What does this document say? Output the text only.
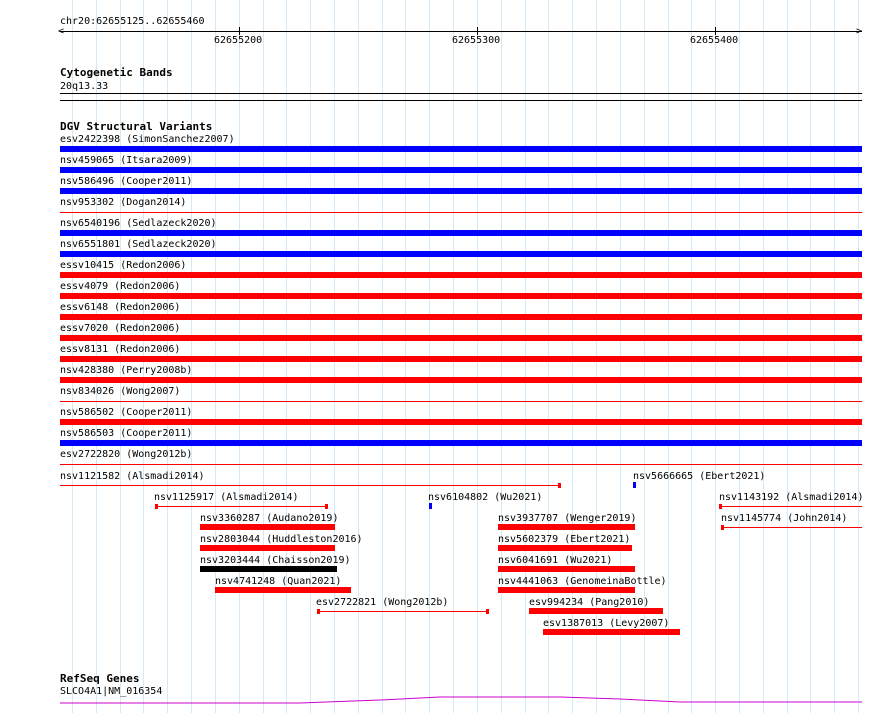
chr20:62655125..62655460
<	>
62655200	62655300	62655400
Cytogenetic Bands
20q13.33
DGV Structural Variants
esv2422398 (SimonSanchez2007)
nsv459065 (Itsara2009)
nsv586496 (Cooper2011)
nsv953302 (Dogan2014)
nsv6540196 (Sedlazeck2020)
nsv6551801 (Sedlazeck2020)
essv10415 (Redon2006)
essv4079 (Redon2006)
essv6148 (Redon2006)
essv7020 (Redon2006)
essv8131 (Redon2006)
nsv428380 (Perry2008b)
nsv834026 (Wong2007)
nsv586502 (Cooper2011)
nsv586503 (Cooper2011)
esv2722820 (Wong2012b)
nsv1121582 (Alsmadi2014)	nsv5666665 (Ebert2021)
nsv1125917 (Alsmadi2014)	nsv6104802 (Wu2021)	nsv1143192 (Alsmadi2014)
nsv3360287 (Audano2019)	nsv3937707 (Wenger2019)	nsv1145774 (John2014)
nsv2803044 (Huddleston2016)	nsv5602379 (Ebert2021)
nsv3203444 (Chaisson2019)	nsv6041691 (Wu2021)
nsv4741248 (Quan2021)	nsv4441063 (GenomeinaBottle)
esv2722821 (Wong2012b)	esv994234 (Pang2010)
esv1387013 (Levy2007)
RefSeq Genes
SLCO4A1|NM_016354
